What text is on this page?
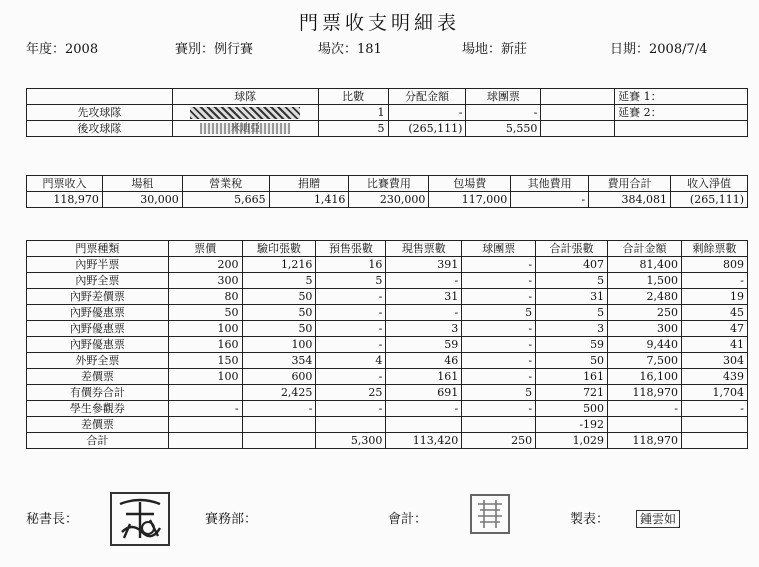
門票收支明細表
年度：2008	賽別：例行賽	場次：181	場地：新莊	日期：2008/7/4
	球隊	比數	分配金額	球團票		延賽 1：
先攻球隊		1	-	-		延賽 2：
後攻球隊	米迪亞	5	(265,111)	5,550		
門票收入	場租	營業稅	捐贈	比賽費用	包場費	其他費用	費用合計	收入淨值
118,970	30,000	5,665	1,416	230,000	117,000	-	384,081	(265,111)
門票種類	票價	驗印張數	預售張數	現售票數	球團票	合計張數	合計金額	剩餘票數
內野半票	200	1,216	16	391	-	407	81,400	809
內野全票	300	5	5	-	-	5	1,500	-
內野差價票	80	50	-	31	-	31	2,480	19
內野優惠票	50	50	-	-	5	5	250	45
內野優惠票	100	50	-	3	-	3	300	47
內野優惠票	160	100	-	59	-	59	9,440	41
外野全票	150	354	4	46	-	50	7,500	304
差價票	100	600	-	161	-	161	16,100	439
有價券合計		2,425	25	691	5	721	118,970	1,704
學生參觀券	-	-	-	-	-	500	-	-
差價票						-192		
合計			5,300	113,420	250	1,029	118,970	
秘書長：	賽務部：	會計：	製表：	鍾雲如
